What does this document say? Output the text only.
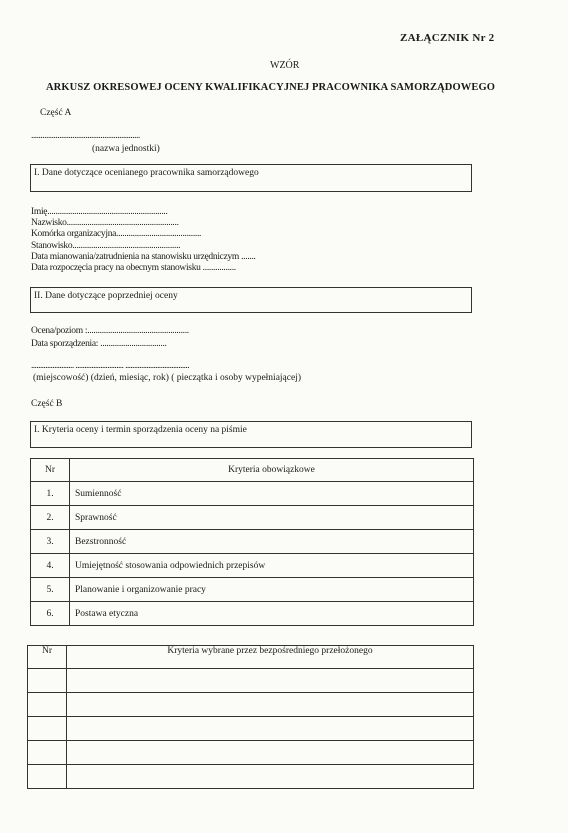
ZAŁĄCZNIK Nr 2
WZÓR
ARKUSZ OKRESOWEJ OCENY KWALIFIKACYJNEJ PRACOWNIKA SAMORZĄDOWEGO
Część A
..........................................................
(nazwa jednostki)
I. Dane dotyczące ocenianego pracownika samorządowego
Imię..........................................................
Nazwisko......................................................
Komórka organizacyjna.........................................
Stanowisko....................................................
Data mianowania/zatrudnienia na stanowisku urzędniczym .......
Data rozpoczęcia pracy na obecnym stanowisku ................
II. Dane dotyczące poprzedniej oceny
Ocena/poziom :.................................................
Data sporządzenia: ................................
........................ ........................... ....................................
(miejscowość) (dzień, miesiąc, rok) ( pieczątka i osoby wypełniającej)
Część B
I. Kryteria oceny i termin sporządzenia oceny na piśmie
Nr	Kryteria obowiązkowe
1.	Sumienność
2.	Sprawność
3.	Bezstronność
4.	Umiejętność stosowania odpowiednich przepisów
5.	Planowanie i organizowanie pracy
6.	Postawa etyczna
Nr	Kryteria wybrane przez bezpośredniego przełożonego
